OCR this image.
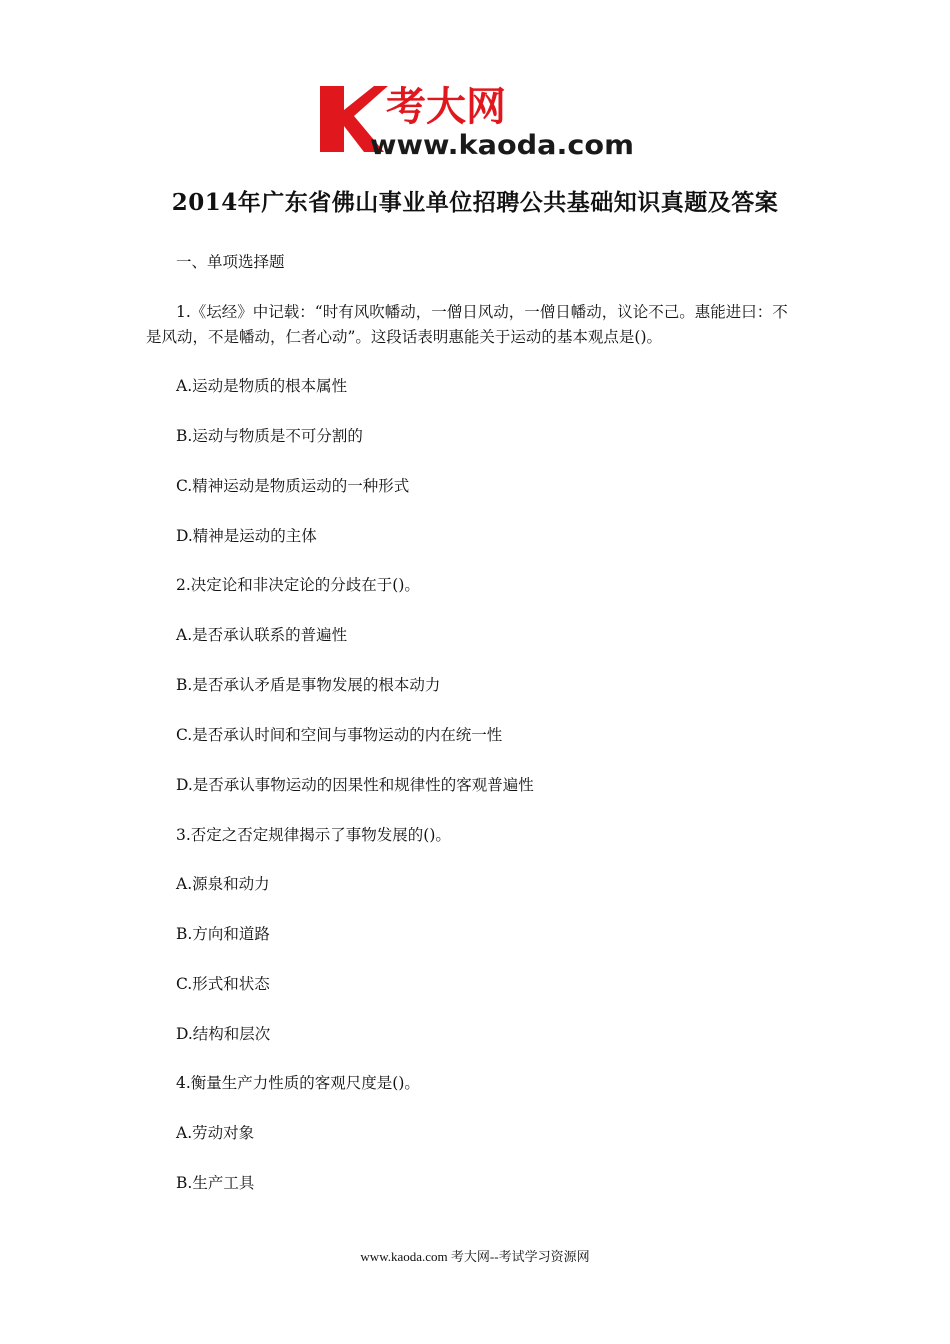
考大网
www.kaoda.com
2014年广东省佛山事业单位招聘公共基础知识真题及答案
一、单项选择题
1.《坛经》中记载：“时有风吹幡动，一僧日风动，一僧日幡动，议论不己。惠能进曰：不
是风动，不是幡动，仁者心动”。这段话表明惠能关于运动的基本观点是()。
A.运动是物质的根本属性
B.运动与物质是不可分割的
C.精神运动是物质运动的一种形式
D.精神是运动的主体
2.决定论和非决定论的分歧在于()。
A.是否承认联系的普遍性
B.是否承认矛盾是事物发展的根本动力
C.是否承认时间和空间与事物运动的内在统一性
D.是否承认事物运动的因果性和规律性的客观普遍性
3.否定之否定规律揭示了事物发展的()。
A.源泉和动力
B.方向和道路
C.形式和状态
D.结构和层次
4.衡量生产力性质的客观尺度是()。
A.劳动对象
B.生产工具
www.kaoda.com 考大网--考试学习资源网
